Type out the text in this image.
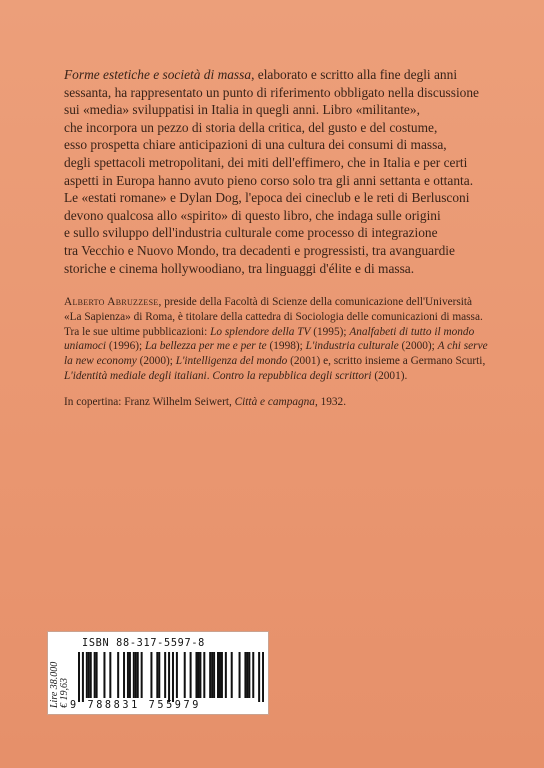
Forme estetiche e società di massa, elaborato e scritto alla fine degli anni
sessanta, ha rappresentato un punto di riferimento obbligato nella discussione
sui «media» sviluppatisi in Italia in quegli anni. Libro «militante»,
che incorpora un pezzo di storia della critica, del gusto e del costume,
esso prospetta chiare anticipazioni di una cultura dei consumi di massa,
degli spettacoli metropolitani, dei miti dell'effimero, che in Italia e per certi
aspetti in Europa hanno avuto pieno corso solo tra gli anni settanta e ottanta.
Le «estati romane» e Dylan Dog, l'epoca dei cineclub e le reti di Berlusconi
devono qualcosa allo «spirito» di questo libro, che indaga sulle origini
e sullo sviluppo dell'industria culturale come processo di integrazione
tra Vecchio e Nuovo Mondo, tra decadenti e progressisti, tra avanguardie
storiche e cinema hollywoodiano, tra linguaggi d'élite e di massa.

Alberto Abruzzese, preside della Facoltà di Scienze della comunicazione dell'Università
«La Sapienza» di Roma, è titolare della cattedra di Sociologia delle comunicazioni di massa.
Tra le sue ultime pubblicazioni: Lo splendore della TV (1995); Analfabeti di tutto il mondo
uniamoci (1996); La bellezza per me e per te (1998); L'industria culturale (2000); A chi serve
la new economy (2000); L'intelligenza del mondo (2001) e, scritto insieme a Germano Scurti,
L'identità mediale degli italiani. Contro la repubblica degli scrittori (2001).
In copertina: Franz Wilhelm Seiwert, Città e campagna, 1932.
Lire 38.000 € 19,63
ISBN 88-317-5597-8
9 788831 755979
